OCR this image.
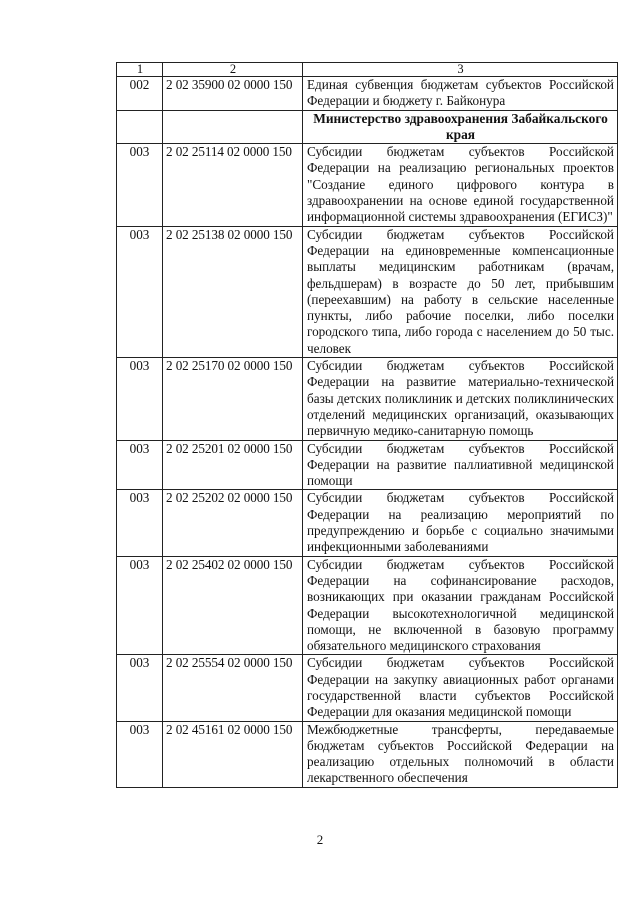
1	2	3
002	2 02 35900 02 0000 150	Единая субвенция бюджетам субъектов Российской Федерации и бюджету г. Байконура
		Министерство здравоохранения Забайкальского края
003	2 02 25114 02 0000 150	Субсидии бюджетам субъектов Российской Федерации на реализацию региональных проектов "Создание единого цифрового контура в здравоохранении на основе единой государственной информационной системы здравоохранения (ЕГИСЗ)"
003	2 02 25138 02 0000 150	Субсидии бюджетам субъектов Российской Федерации на единовременные компенсационные выплаты медицинским работникам (врачам, фельдшерам) в возрасте до 50 лет, прибывшим (переехавшим) на работу в сельские населенные пункты, либо рабочие поселки, либо поселки городского типа, либо города с населением до 50 тыс. человек
003	2 02 25170 02 0000 150	Субсидии бюджетам субъектов Российской Федерации на развитие материально-технической базы детских поликлиник и детских поликлинических отделений медицинских организаций, оказывающих первичную медико-санитарную помощь
003	2 02 25201 02 0000 150	Субсидии бюджетам субъектов Российской Федерации на развитие паллиативной медицинской помощи
003	2 02 25202 02 0000 150	Субсидии бюджетам субъектов Российской Федерации на реализацию мероприятий по предупреждению и борьбе с социально значимыми инфекционными заболеваниями
003	2 02 25402 02 0000 150	Субсидии бюджетам субъектов Российской Федерации на софинансирование расходов, возникающих при оказании гражданам Российской Федерации высокотехнологичной медицинской помощи, не включенной в базовую программу обязательного медицинского страхования
003	2 02 25554 02 0000 150	Субсидии бюджетам субъектов Российской Федерации на закупку авиационных работ органами государственной власти субъектов Российской Федерации для оказания медицинской помощи
003	2 02 45161 02 0000 150	Межбюджетные трансферты, передаваемые бюджетам субъектов Российской Федерации на реализацию отдельных полномочий в области лекарственного обеспечения
2
